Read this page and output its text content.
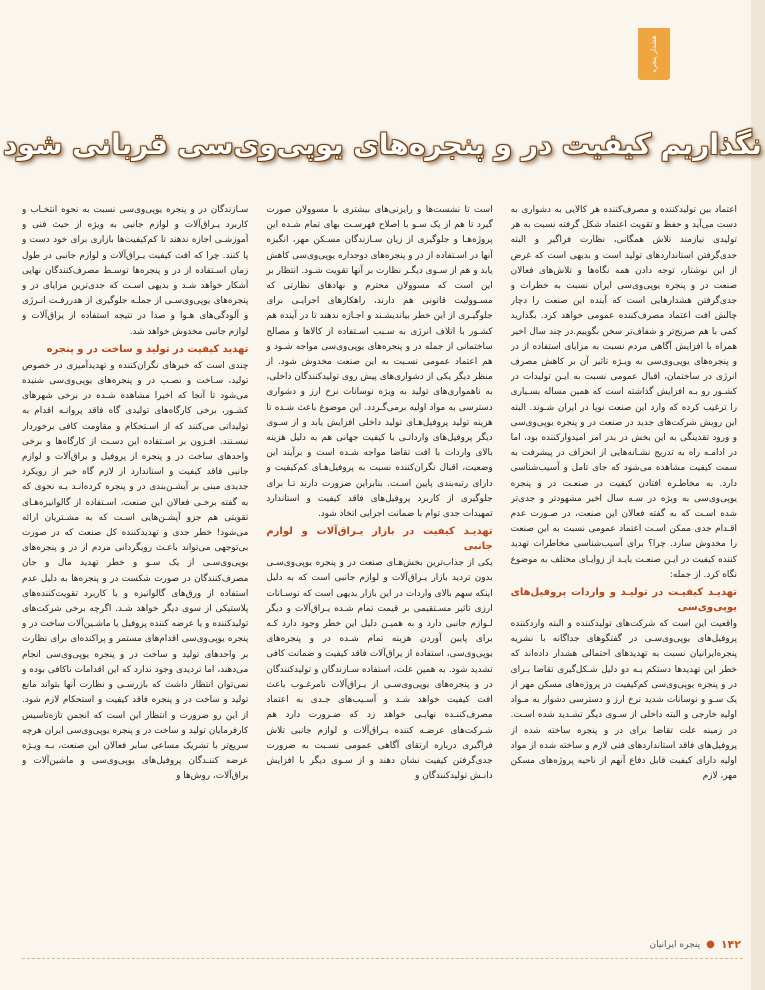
هشدار پنجره
نگذاریم کیفیت در و پنجره‌های یوپی‌وی‌سی قربانی شود

اعتماد بین تولیدکننده و مصرف‌کننده هر کالایی به دشواری به دست می‌آید و حفظ و تقویت اعتماد شکل گرفته نسبت به هر تولیدی نیازمند تلاش همگانی، نظارت فراگیر و البته جدی‌گرفتن استانداردهای تولید است و بدیهی است که غرض از این نوشتار، توجه دادن همه نگاه‌ها و تلاش‌های فعالان صنعت در و پنجره یوپی‌وی‌سی ایران نسبت به خطرات و جدی‌گرفتن هشدارهایی است که آینده این صنعت را دچار چالش افت اعتماد مصرف‌کننده عمومی خواهد کرد. بگذارید کمی با هم صریح‌تر و شفاف‌تر سخن بگوییم.در چند سال اخیر همراه با افزایش آگاهی مردم نسبت به مزایای استفاده از در و پنجره‌های یوپی‌وی‌سی به ویـژه تاثیر آن بر کاهش مصرف انرژی در ساختمان، اقبال عمومی نسبت به ایـن تولیدات در کشـور رو بـه افزایش گذاشته است که همین مساله بسـیاری را ترغیب کرده که وارد این صنعت نوپا در ایران شـوند. البته این رویش شرکت‌های جدید در صنعت در و پنجره یوپی‌وی‌سی و ورود تقدینگی به این بخش در بدر امر امیدوارکننده بود، اما در ادامـه راه به تدریج نشـانه‌هایی از انحراف در پیشرفت به سمت کیفیت مشاهده می‌شود که جای تامل و آسیب‌شناسی دارد. به مخاطـره افتادن کیفیت در صنعـت در و پنجره یوپی‌وی‌سی به ویژه در سـه سال اخیر مشهودتر و جدی‌تر شده اسـت که به گفته فعالان این صنعت، در صـورت عدم اقـدام جدی ممکن اسـت اعتماد عمومی نسبت به این صنعت را مخدوش سازد. چرا؟ برای آسیب‌شناسی مخاطرات تهدید کننده کیفیت در ایـن صنعـت بایـد از زوایـای مختلف به موضوع نگاه کرد. از جمله:

تهدیـد کیفیـت در تولیـد و واردات پروفیل‌های یوپی‌وی‌سی

واقعیت این است که شرکت‌های تولیدکننده و البته واردکننده پروفیل‌های یوپی‌وی‌سـی در گفتگوهای جداگانه با نشریه پنجره‌ایرانیان نسبت به تهدیدهای احتمالی هشدار داده‌اند که خطر این تهدیدها دستکم بـه دو دلیل شـکل‌گیری تقاضا بـرای در و پنجره یوپی‌وی‌سی کم‌کیفیت در پروژه‌های مسکن مهر از یک سـو و نوسانات شدید نرخ ارز و دسترسی دشوار به مـواد اولیه خارجی و البته داخلی از سـوی دیگر تشـدید شده اسـت. در زمینه علت تقاضا برای در و پنجره ساخته شده از پروفیل‌های فاقد استانداردهای فنی لازم و ساخته شده از مواد اولیه دارای کیفیت قابل دفاع آنهم از ناحیه پروژه‌های مسکن مهر، لازم

است تا نشست‌ها و رایزنی‌های بیشتری با مسوولان صورت گیرد تا هم از یک سـو با اصلاح فهرسـت بهای تمام شـده این پروژه‌هـا و جلوگیری از زیان سـازندگان مسـکن مهر، انگیزه آنها در اسـتفاده از در و پنجره‌های دوجداره یوپی‌وی‌سی کاهش یابد و هم از سـوی دیگـر نظارت بر آنها تقویت شـود. انتظار بر این است که مسوولان محترم و نهادهای نظارتی که مسـوولیت قانونی هم دارند، راهکارهای اجرایـی برای جلوگیـری از این خطر بیاندیشـند و اجـازه ندهند تا در آینده هم کشـور با اتلاف انرژی به سـبب اسـتفاده از کالاها و مصالح ساختمانی از جمله در و پنجره‌های یوپی‌وی‌سی مواجه شـود و هم اعتماد عمومی نسـبت به این صنعت مخدوش شود. از منظر دیگر یکی از دشواری‌های پیش روی تولیدکنندگان داخلی، به ناهمواری‌های تولید به ویژه نوسانات نرخ ارز و دشواری دسترسی به مواد اولیه برمی‌گـردد. این موضوع باعث شـده تا هزینه تولید پروفیل‌هـای تولید داخلی افزایش یابد و از سـوی دیگر پروفیل‌های وارداتـی با کیفیت جهانی هم به دلیل هزینه بالای واردات با افت تقاضا مواجه شـده است و برآیند این وضعیت، اقبال نگران‌کننده نسبت به پروفیل‌هـای کم‌کیفیت و دارای رتبه‌بندی پایین اسـت. بنابراین ضرورت دارند تـا برای جلوگیری از کاربرد پروفیل‌های فاقد کیفیت و استاندارد تمهیدات جدی توام با ضمانت اجرایی اتخاذ شود.

تهدیـد کیفیت در بازار یـراق‌آلات و لوازم جانبی

یکی از جذاب‌ترین بخش‌هـای صنعت در و پنجره یوپی‌وی‌سـی بدون تردید بازار یـراق‌آلات و لوازم جانبی است که به دلیل اینکه سهم بالای واردات در این بازار بدیهی است که نوسـانات ارزی تاثیر مسـتقیمی بر قیمت تمام شـده یـراق‌آلات و دیگر لـوازم جانبی دارد و به همیـن دلیل این خطر وجود دارد کـه برای پایین آوردن هزینه تمام شـده در و پنجره‌های یوپی‌وی‌سی، استفاده از یراق‌آلات فاقد کیفیت و ضمانت کافی تشدید شود. به همین علت، استفاده سـازندگان و تولیدکنندگان در و پنجره‌های یوپی‌وی‌سـی از یـراق‌آلات نامرغـوب باعث افت کیفیت خواهد شـد و آسـیب‌های جـدی به اعتماد مصرف‌کننـده نهایـی خواهد زد که ضـرورت دارد هم شـرکت‌های عرضـه کننده یـراق‌آلات و لوازم جانبی تلاش فراگیری درباره ارتقای آگاهی عمومی نسـبت به ضرورت جدی‌گرفتن کیفیت نشان دهند و از سـوی دیگر با افزایش دانـش تولیدکنندگان و

سـازندگان در و پنجره یوپی‌وی‌سی نسبت به نحوه انتخـاب و کاربرد یـراق‌آلات و لوازم جانبی به ویژه از حیث فنی و آموزشـی اجازه ندهند تا کم‌کیفیت‌ها بازاری برای خود دست و پا کنند. چرا که افت کیفیت یـراق‌آلات و لوازم جانبی در طول زمان اسـتفاده از در و پنجره‌ها توسـط مصرف‌کنندگان نهایی آشکار خواهد شـد و بدیهی اسـت که جدی‌ترین مزایای در و پنجره‌های یوپی‌وی‌سـی از جملـه جلوگیری از هدررفـت انـرژی و آلودگی‌های هـوا و صدا در نتیجه استفاده از یراق‌آلات و لوازم جانبی مخدوش خواهد شد.

تهدید کیفیت در تولید و ساخت در و پنجره

چندی است که خبرهای نگران‌کننده و تهدیدآمیزی در خصوص تولید، سـاخت و نصـب در و پنجره‌های یوپی‌وی‌سی شنیده می‌شود تا آنجا که اخیرا مشاهده شـده در برخی شهرهای کشـور، برخی کارگاه‌های تولیدی گاه فاقد پروانـه اقدام به تولیداتی می‌کنند که از اسـتحکام و مقاومت کافی برخوردار نیسـتند. افـزون بر اسـتفاده این دسـت از کارگاه‌ها و برخی واحدهای ساخت در و پنجره از پروفیل و یراق‌آلات و لوازم جانبی فاقد کیفیت و استاندارد از لازم گاه خبر از رویکرد جدیدی مبنی بر آیشـن‌بندی در و پنجره کرده‌انـد بـه نحوی که به گفته برخـی فعالان این صنعت، اسـتفاده از گالوانیزه‌هـای تقویتی هم جزو آپشـن‌هایی اسـت که به مشـتریان ارائه می‌شود! خطر جدی و تهدیدکننده کل صنعت که در صورت بی‌توجهی می‌تواند باعـث رویگردانی مردم از در و پنجره‌های یوپی‌وی‌سـی از یک سـو و خطر تهدید مال و جان مصرف‌کنندگان در صورت شکست در و پنجره‌ها به دلیل عدم استفاده از ورق‌های گالوانیزه و یا کاربرد تقویت‌کننده‌های پلاستیکی از سوی دیگر خواهد شـد. اگرچه برخی شرکت‌های تولیدکننده و یا عرضه کننده پروفیل یا ماشـین‌آلات ساخت در و پنجره یوپی‌وی‌سی اقدام‌های مستمر و پراکنده‌ای برای نظارت بر واحدهای تولید و ساخت در و پنجره یوپی‌وی‌سی انجام می‌دهند، اما تردیدی وجود ندارد که این اقدامات ناکافی بوده و نمی‌توان انتظار داشت که بازرسـی و نظارت آنها بتواند مانع تولید و ساخت در و پنجره فاقد کیفیت و استحکام لازم شود. از این رو ضرورت و انتظار این است که انجمن تازه‌تاسیس کارفرمایان تولید و ساخت در و پنجره یوپی‌وی‌سی ایران هرچه سریع‌تر با تشریک مساعی سایر فعالان این صنعت، بـه ویـژه عرضه کننـدگان پروفیل‌های یوپی‌وی‌سی و ماشین‌آلات و یراق‌آلات، روش‌ها و

۱۴۲
●
پنجره ایرانیان
